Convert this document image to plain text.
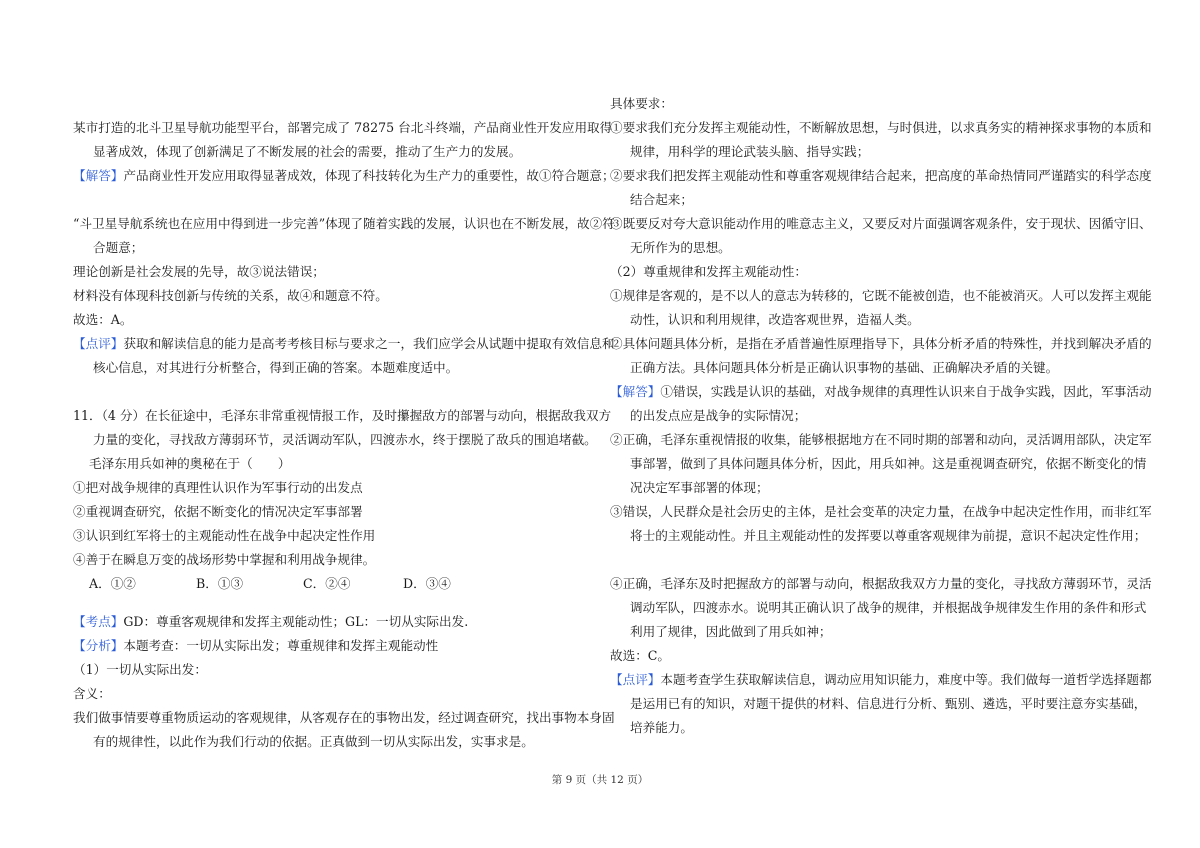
某市打造的北斗卫星导航功能型平台，部署完成了 78275 台北斗终端，产品商业性开发应用取得显著成效，体现了创新满足了不断发展的社会的需要，推动了生产力的发展。
【解答】产品商业性开发应用取得显著成效，体现了科技转化为生产力的重要性，故①符合题意；
“斗卫星导航系统也在应用中得到进一步完善”体现了随着实践的发展，认识也在不断发展，故②符合题意；
理论创新是社会发展的先导，故③说法错误；
材料没有体现科技创新与传统的关系，故④和题意不符。
故选：A。
【点评】获取和解读信息的能力是高考考核目标与要求之一，我们应学会从试题中提取有效信息和核心信息，对其进行分析整合，得到正确的答案。本题难度适中。
11．（4 分）在长征途中，毛泽东非常重视情报工作，及时攥握敌方的部署与动向，根据敌我双方力量的变化，寻找敌方薄弱环节，灵活调动军队，四渡赤水，终于摆脱了敌兵的围追堵截。
毛泽东用兵如神的奥秘在于（　　）
①把对战争规律的真理性认识作为军事行动的出发点
②重视调查研究，依据不断变化的情况决定军事部署
③认识到红军将士的主观能动性在战争中起决定性作用
④善于在瞬息万变的战场形势中掌握和利用战争规律。
A．①②	B．①③	C．②④	D．③④
【考点】GD：尊重客观规律和发挥主观能动性；GL：一切从实际出发.
【分析】本题考查：一切从实际出发；尊重规律和发挥主观能动性
（1）一切从实际出发：
含义：
我们做事情要尊重物质运动的客观规律，从客观存在的事物出发，经过调查研究，找出事物本身固有的规律性，以此作为我们行动的依据。正真做到一切从实际出发，实事求是。
具体要求：
①要求我们充分发挥主观能动性，不断解放思想，与时俱进，以求真务实的精神探求事物的本质和规律，用科学的理论武装头脑、指导实践；
②要求我们把发挥主观能动性和尊重客观规律结合起来，把高度的革命热情同严谨踏实的科学态度结合起来；
③既要反对夸大意识能动作用的唯意志主义，又要反对片面强调客观条件，安于现状、因循守旧、无所作为的思想。
（2）尊重规律和发挥主观能动性：
①规律是客观的，是不以人的意志为转移的，它既不能被创造，也不能被消灭。人可以发挥主观能动性，认识和利用规律，改造客观世界，造福人类。
②具体问题具体分析，是指在矛盾普遍性原理指导下，具体分析矛盾的特殊性，并找到解决矛盾的正确方法。具体问题具体分析是正确认识事物的基础、正确解决矛盾的关键。
【解答】①错误，实践是认识的基础，对战争规律的真理性认识来自于战争实践，因此，军事活动的出发点应是战争的实际情况；
②正确，毛泽东重视情报的收集，能够根据地方在不同时期的部署和动向，灵活调用部队，决定军事部署，做到了具体问题具体分析，因此，用兵如神。这是重视调查研究，依据不断变化的情况决定军事部署的体现；
③错误，人民群众是社会历史的主体，是社会变革的决定力量，在战争中起决定性作用，而非红军将士的主观能动性。并且主观能动性的发挥要以尊重客观规律为前提，意识不起决定性作用；
④正确，毛泽东及时把握敌方的部署与动向，根据敌我双方力量的变化，寻找敌方薄弱环节，灵活调动军队，四渡赤水。说明其正确认识了战争的规律，并根据战争规律发生作用的条件和形式利用了规律，因此做到了用兵如神；
故选：C。
【点评】本题考查学生获取解读信息，调动应用知识能力，难度中等。我们做每一道哲学选择题都是运用已有的知识，对题干提供的材料、信息进行分析、甄别、遴选，平时要注意夯实基础，培养能力。
第 9 页（共 12 页）
